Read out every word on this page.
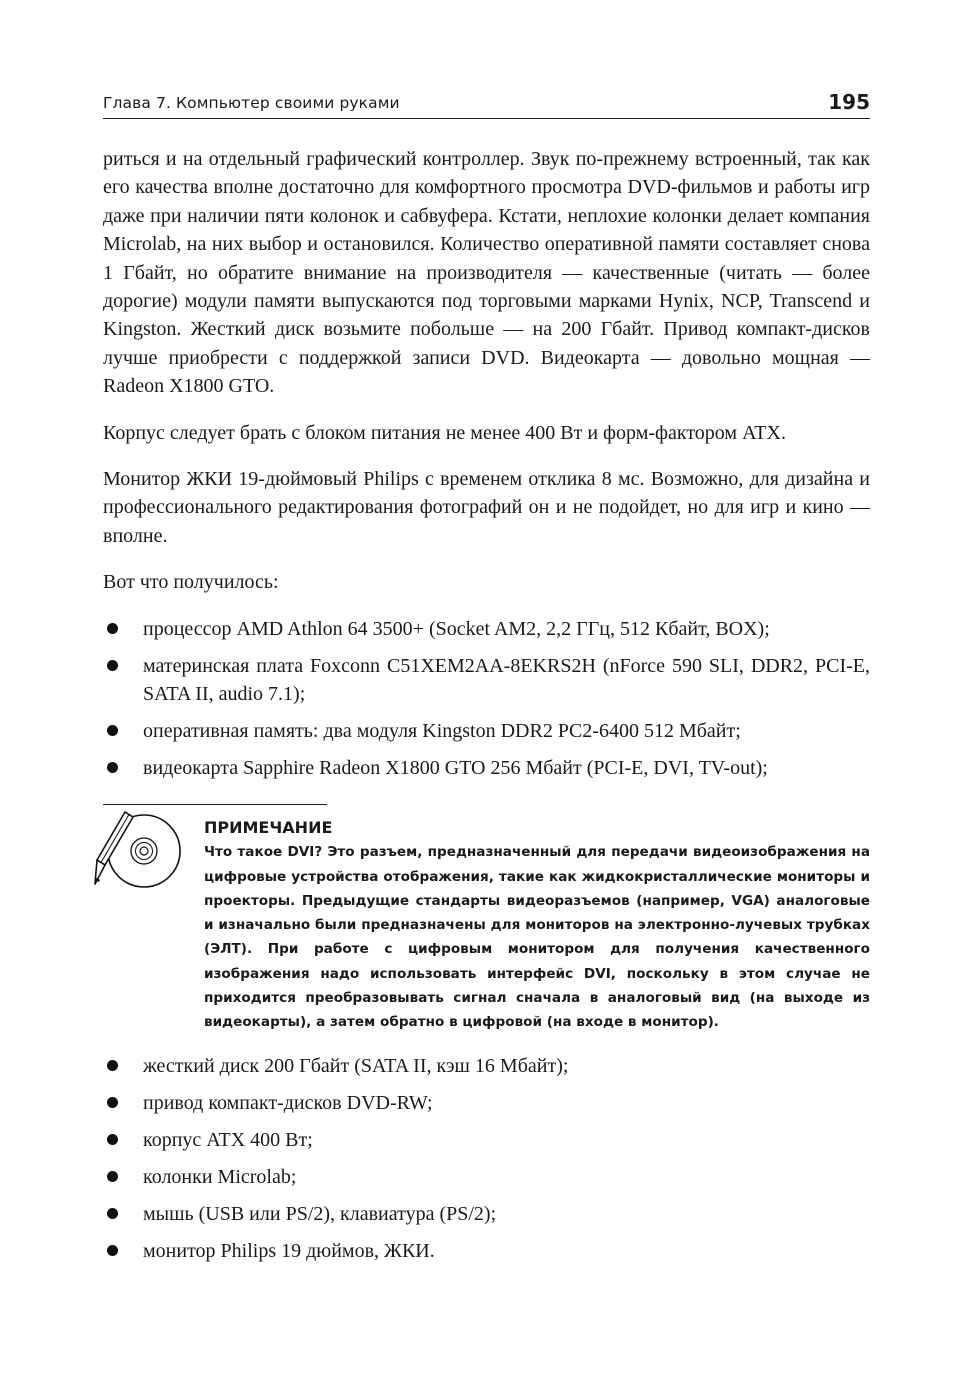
Глава 7. Компьютер своими руками	195

риться и на отдельный графический контроллер. Звук по-прежнему встроенный, так как его качества вполне достаточно для комфортного просмотра DVD-фильмов и работы игр даже при наличии пяти колонок и сабвуфера. Кстати, неплохие колонки делает компания Microlab, на них выбор и остановился. Количество оперативной памяти составляет снова 1 Гбайт, но обратите внимание на производителя — качественные (читать — более дорогие) модули памяти выпускаются под торговыми марками Hynix, NCP, Transcend и Kingston. Жесткий диск возьмите побольше — на 200 Гбайт. Привод компакт-дисков лучше приобрести с поддержкой записи DVD. Видеокарта — довольно мощная — Radeon X1800 GTO.

Корпус следует брать с блоком питания не менее 400 Вт и форм-фактором ATX.

Монитор ЖКИ 19-дюймовый Philips с временем отклика 8 мс. Возможно, для дизайна и профессионального редактирования фотографий он и не подойдет, но для игр и кино — вполне.

Вот что получилось:

процессор AMD Athlon 64 3500+ (Socket AM2, 2,2 ГГц, 512 Кбайт, BOX);
материнская плата Foxconn C51XEM2AA-8EKRS2H (nForce 590 SLI, DDR2, PCI-E, SATA II, audio 7.1);
оперативная память: два модуля Kingston DDR2 PC2-6400 512 Мбайт;
видеокарта Sapphire Radeon X1800 GTO 256 Мбайт (PCI-E, DVI, TV-out);
ПРИМЕЧАНИЕ
Что такое DVI? Это разъем, предназначенный для передачи видеоизображения на цифровые устройства отображения, такие как жидкокристаллические мониторы и проекторы. Предыдущие стандарты видеоразъемов (например, VGA) аналоговые и изначально были предназначены для мониторов на электронно-лучевых трубках (ЭЛТ). При работе с цифровым монитором для получения качественного изображения надо использовать интерфейс DVI, поскольку в этом случае не приходится преобразовывать сигнал сначала в аналоговый вид (на выходе из видеокарты), а затем обратно в цифровой (на входе в монитор).
жесткий диск 200 Гбайт (SATA II, кэш 16 Мбайт);
привод компакт-дисков DVD-RW;
корпус ATX 400 Вт;
колонки Microlab;
мышь (USB или PS/2), клавиатура (PS/2);
монитор Philips 19 дюймов, ЖКИ.
